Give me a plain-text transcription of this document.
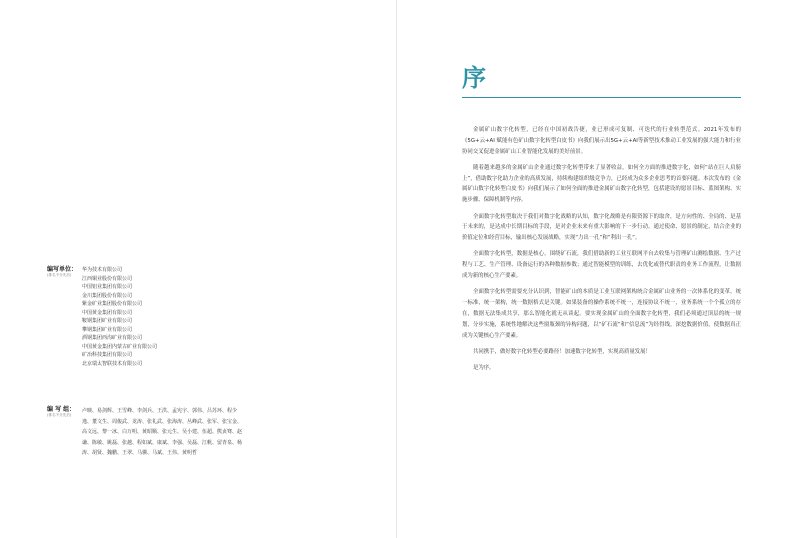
编写单位：
(排名不分先后)
华为技术有限公司
江西铜业股份有限公司
中国铝业集团有限公司
金川集团股份有限公司
紫金矿业集团股份有限公司
中国黄金集团有限公司
鞍钢集团矿业有限公司
攀钢集团矿业有限公司
酒钢集团西沟矿业有限公司
中国黄金集团内蒙古矿业有限公司
矿冶科技集团有限公司
北京瑞太智联技术有限公司
编 写 组：
(排名不分先后)
卢映、易剑辉、王雪峰、李剑兵、王洪、孟宪宇、郭伟、吕苏环、程少逸、董文生、周俊武、龙涛、张礼武、张海涛、丛峰武、张军、张宝金、高文远、黎一冰、白万明、黄昭顺、张元生、吴小建、伍超、熊贞骞、赵谦、陈敏、姚磊、张越、程如斌、康斌、李强、吴磊、江帆、留青泉、杨涛、胡贤、魏鹏、王翠、马骥、马斌、王伟、黄明哲
序

金属矿山数字化转型，已经在中国初战告捷，业已形成可复制、可迭代的行业转型范式。2021年发布的《5G+云+AI 赋能有色矿山数字化转型白皮书》向我们展示出5G+云+AI等新型技术推动工业发展的强大能力和行业协同交叉促进金属矿山工业智能化发展的美好前景。

随着越来越多的金属矿山企业通过数字化转型带来了显著收益，如何全方面的推进数字化，如何“站在巨人肩膀上”，借助数字化助力企业的高质发展，持续构建组织级竞争力，已经成为众多企业思考的首要问题。本次发布的《金属矿山数字化转型白皮书》向我们展示了如何全面的推进金属矿山数字化转型，包括建设的愿景目标、蓝图架构、实施步骤、保障机制等内容。

全面数字化转型取决于我们对数字化战略的认知，数字化战略是有限资源下的取舍，是方向性的、全局的、是基于未来的，是达成中长期目标的手段，是对企业未来有重大影响的下一步行动。通过使命、愿景的制定，结合企业的价值定位和经营目标，输出核心发展战略，实现“力出一孔”和“利出一孔”。

全面数字化转型，数据是核心。围绕矿石流，我们借助新的工业互联网平台去收集与管理矿山测绘数据、生产过程与工艺、生产管理、设备运行的各种数据参数；通过智能模型的训练，去优化或替代职责的业务工作流程，让数据成为新的核心生产要素。

全面数字化转型需要充分认识到，智能矿山的本质是工业互联网架构统合金属矿山业务的一次体系化的变革，统一标准，统一架构，统一数据格式是关键。如果装备的操作系统不统一，连接协议不统一，业务系统一个个孤立的存在，数据无法集成共享，那么智能化就无从谈起。要实现金属矿山的全面数字化转型，我们必须通过顶层的统一规划，分步实施，系统性地解决这些窗瓶颈的异构问题，以“矿石流”和“信息流”为经得线，深挖数据价值，使数据真正成为关键核心生产要素。

共同携手，做好数字化转型必要路径！加速数字化转型，实现高质量发展！

是为序。
